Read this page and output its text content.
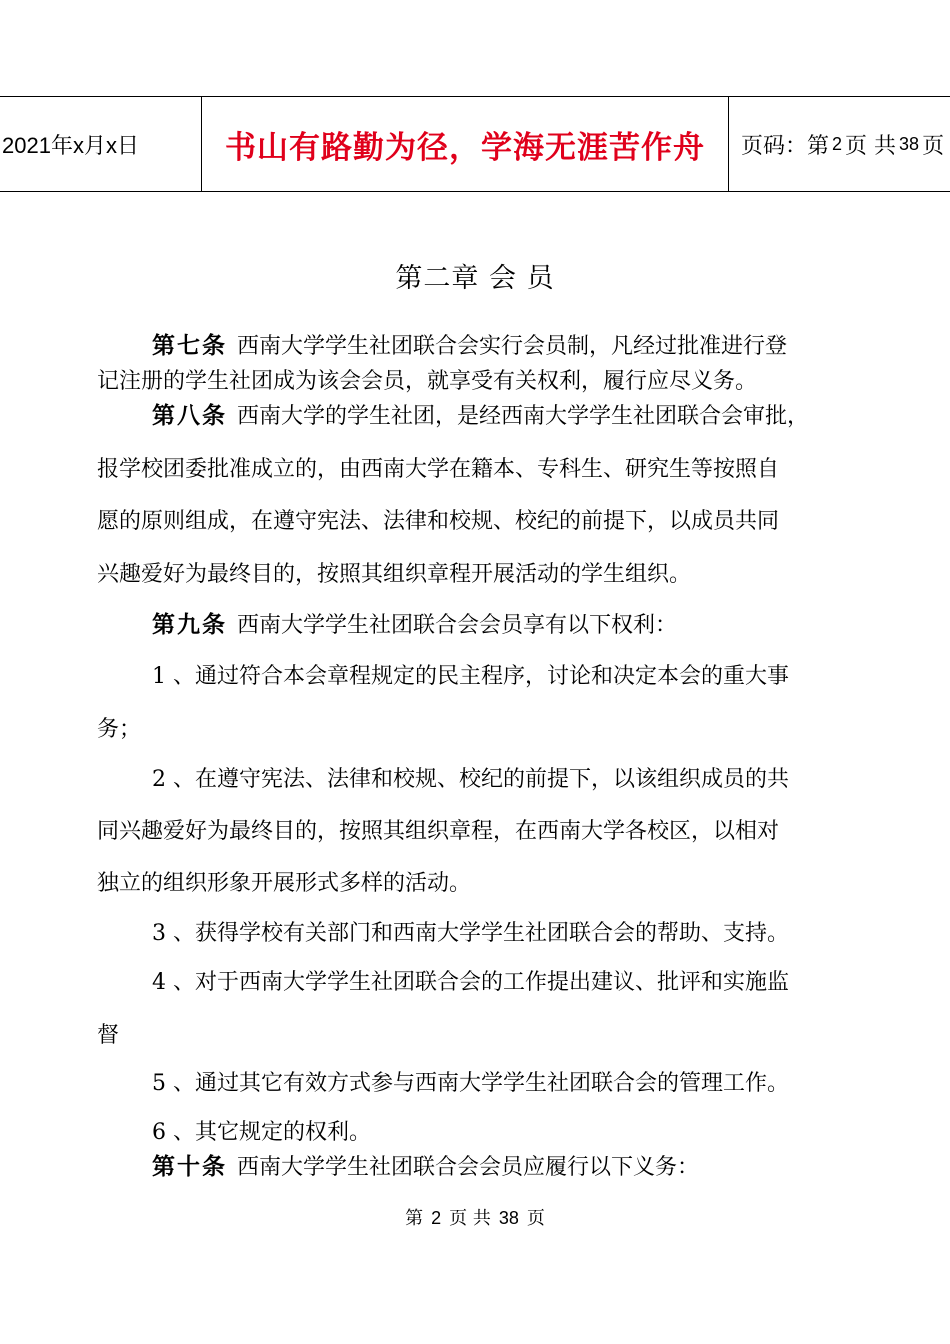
2021年x月x日	书山有路勤为径，学海无涯苦作舟	页码：第 2 页 共 38 页
第二章 会 员
第七条 西南大学学生社团联合会实行会员制，凡经过批准进行登
记注册的学生社团成为该会会员，就享受有关权利，履行应尽义务。
第八条 西南大学的学生社团，是经西南大学学生社团联合会审批，
报学校团委批准成立的，由西南大学在籍本、专科生、研究生等按照自
愿的原则组成，在遵守宪法、法律和校规、校纪的前提下，以成员共同
兴趣爱好为最终目的，按照其组织章程开展活动的学生组织。
第九条 西南大学学生社团联合会会员享有以下权利：
1 、通过符合本会章程规定的民主程序，讨论和决定本会的重大事
务；
2 、在遵守宪法、法律和校规、校纪的前提下，以该组织成员的共
同兴趣爱好为最终目的，按照其组织章程，在西南大学各校区，以相对
独立的组织形象开展形式多样的活动。
3 、获得学校有关部门和西南大学学生社团联合会的帮助、支持。
4 、对于西南大学学生社团联合会的工作提出建议、批评和实施监
督
5 、通过其它有效方式参与西南大学学生社团联合会的管理工作。
6 、其它规定的权利。
第十条 西南大学学生社团联合会会员应履行以下义务：
第 2 页 共 38 页
